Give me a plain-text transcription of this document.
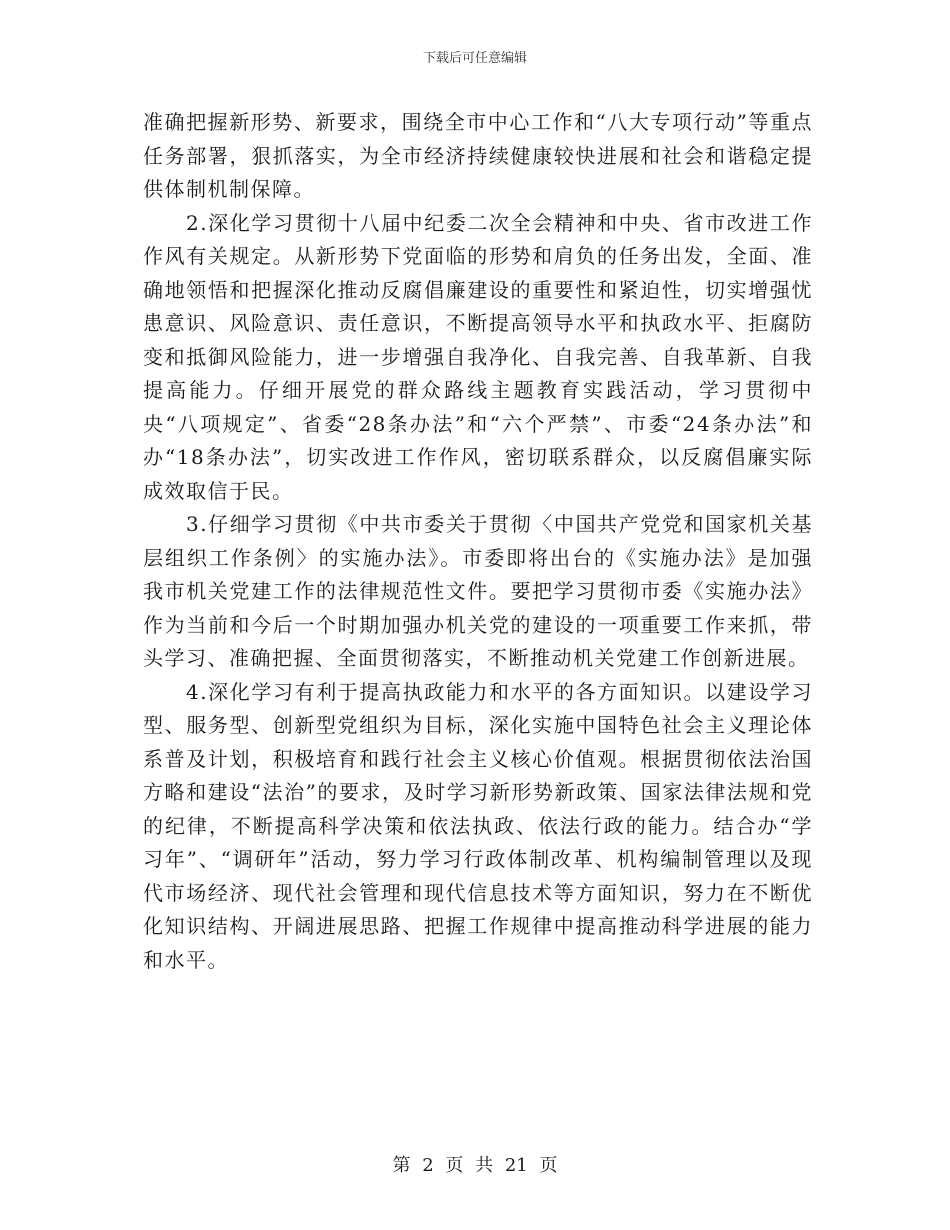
下载后可任意编辑

准确把握新形势、新要求，围绕全市中心工作和“八大专项行动”等重点任务部署，狠抓落实，为全市经济持续健康较快进展和社会和谐稳定提供体制机制保障。

2.深化学习贯彻十八届中纪委二次全会精神和中央、省市改进工作作风有关规定。从新形势下党面临的形势和肩负的任务出发，全面、准确地领悟和把握深化推动反腐倡廉建设的重要性和紧迫性，切实增强忧患意识、风险意识、责任意识，不断提高领导水平和执政水平、拒腐防变和抵御风险能力，进一步增强自我净化、自我完善、自我革新、自我提高能力。仔细开展党的群众路线主题教育实践活动，学习贯彻中央“八项规定”、省委“28条办法”和“六个严禁”、市委“24条办法”和办“18条办法”，切实改进工作作风，密切联系群众，以反腐倡廉实际成效取信于民。

3.仔细学习贯彻《中共市委关于贯彻〈中国共产党党和国家机关基层组织工作条例〉的实施办法》。市委即将出台的《实施办法》是加强我市机关党建工作的法律规范性文件。要把学习贯彻市委《实施办法》作为当前和今后一个时期加强办机关党的建设的一项重要工作来抓，带头学习、准确把握、全面贯彻落实，不断推动机关党建工作创新进展。

4.深化学习有利于提高执政能力和水平的各方面知识。以建设学习型、服务型、创新型党组织为目标，深化实施中国特色社会主义理论体系普及计划，积极培育和践行社会主义核心价值观。根据贯彻依法治国方略和建设“法治”的要求，及时学习新形势新政策、国家法律法规和党的纪律，不断提高科学决策和依法执政、依法行政的能力。结合办“学习年”、“调研年”活动，努力学习行政体制改革、机构编制管理以及现代市场经济、现代社会管理和现代信息技术等方面知识，努力在不断优化知识结构、开阔进展思路、把握工作规律中提高推动科学进展的能力和水平。

第 2 页 共 21 页
